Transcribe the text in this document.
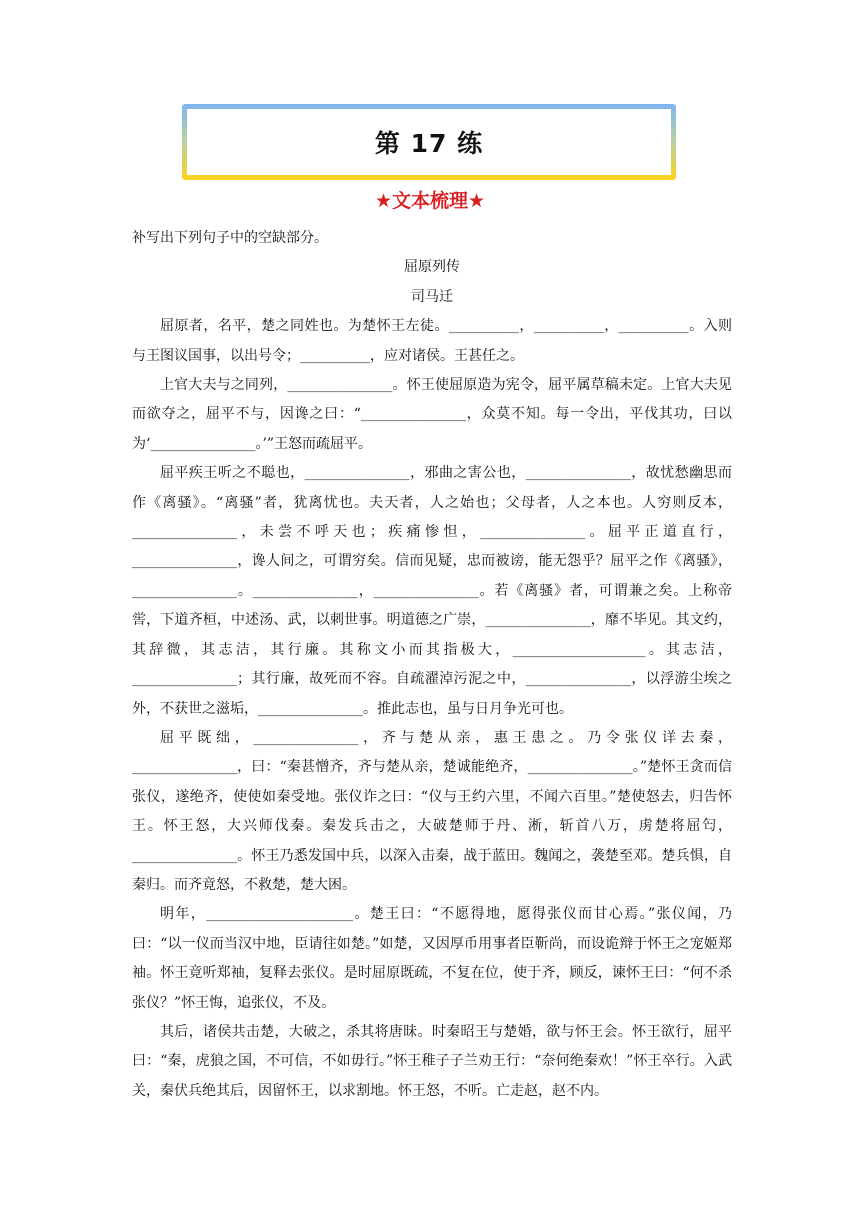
第 17 练
★文本梳理★

补写出下列句子中的空缺部分。

屈原列传

司马迁

屈原者，名平，楚之同姓也。为楚怀王左徒。__________，__________，__________。入则与王图议国事，以出号令；__________，应对诸侯。王甚任之。

上官大夫与之同列，_______________。怀王使屈原造为宪令，屈平属草稿未定。上官大夫见而欲夺之，屈平不与，因谗之曰：“_______________，众莫不知。每一令出，平伐其功，曰以为‘_______________。’”王怒而疏屈平。

屈平疾王听之不聪也，_______________，邪曲之害公也，_______________，故忧愁幽思而作《离骚》。“离骚”者，犹离忧也。夫天者，人之始也；父母者，人之本也。人穷则反本，_______________，未尝不呼天也；疾痛惨怛，_______________。屈平正道直行，_______________，谗人间之，可谓穷矣。信而见疑，忠而被谤，能无怨乎？屈平之作《离骚》，_______________。_______________，_______________。若《离骚》者，可谓兼之矣。上称帝喾，下道齐桓，中述汤、武，以刺世事。明道德之广崇，_______________，靡不毕见。其文约，其辞微，其志洁，其行廉。其称文小而其指极大，___________________。其志洁，_______________；其行廉，故死而不容。自疏濯淖污泥之中，_______________，以浮游尘埃之外，不获世之滋垢，_______________。推此志也，虽与日月争光可也。

屈平既绌，_______________，齐与楚从亲，惠王患之。乃令张仪详去秦，_______________，曰：“秦甚憎齐，齐与楚从亲，楚诚能绝齐，_______________。”楚怀王贪而信张仪，遂绝齐，使使如秦受地。张仪诈之曰：“仪与王约六里，不闻六百里。”楚使怒去，归告怀王。怀王怒，大兴师伐秦。秦发兵击之，大破楚师于丹、淅，斩首八万，虏楚将屈匄，_______________。怀王乃悉发国中兵，以深入击秦，战于蓝田。魏闻之，袭楚至邓。楚兵惧，自秦归。而齐竟怒，不救楚，楚大困。

明年，_____________________。楚王曰：“不愿得地，愿得张仪而甘心焉。”张仪闻，乃曰：“以一仪而当汉中地，臣请往如楚。”如楚，又因厚币用事者臣靳尚，而设诡辩于怀王之宠姬郑袖。怀王竟听郑袖，复释去张仪。是时屈原既疏，不复在位，使于齐，顾反，谏怀王曰：“何不杀张仪？”怀王悔，追张仪，不及。

其后，诸侯共击楚，大破之，杀其将唐昧。时秦昭王与楚婚，欲与怀王会。怀王欲行，屈平曰：“秦，虎狼之国，不可信，不如毋行。”怀王稚子子兰劝王行：“奈何绝秦欢！”怀王卒行。入武关，秦伏兵绝其后，因留怀王，以求割地。怀王怒，不听。亡走赵，赵不内。
